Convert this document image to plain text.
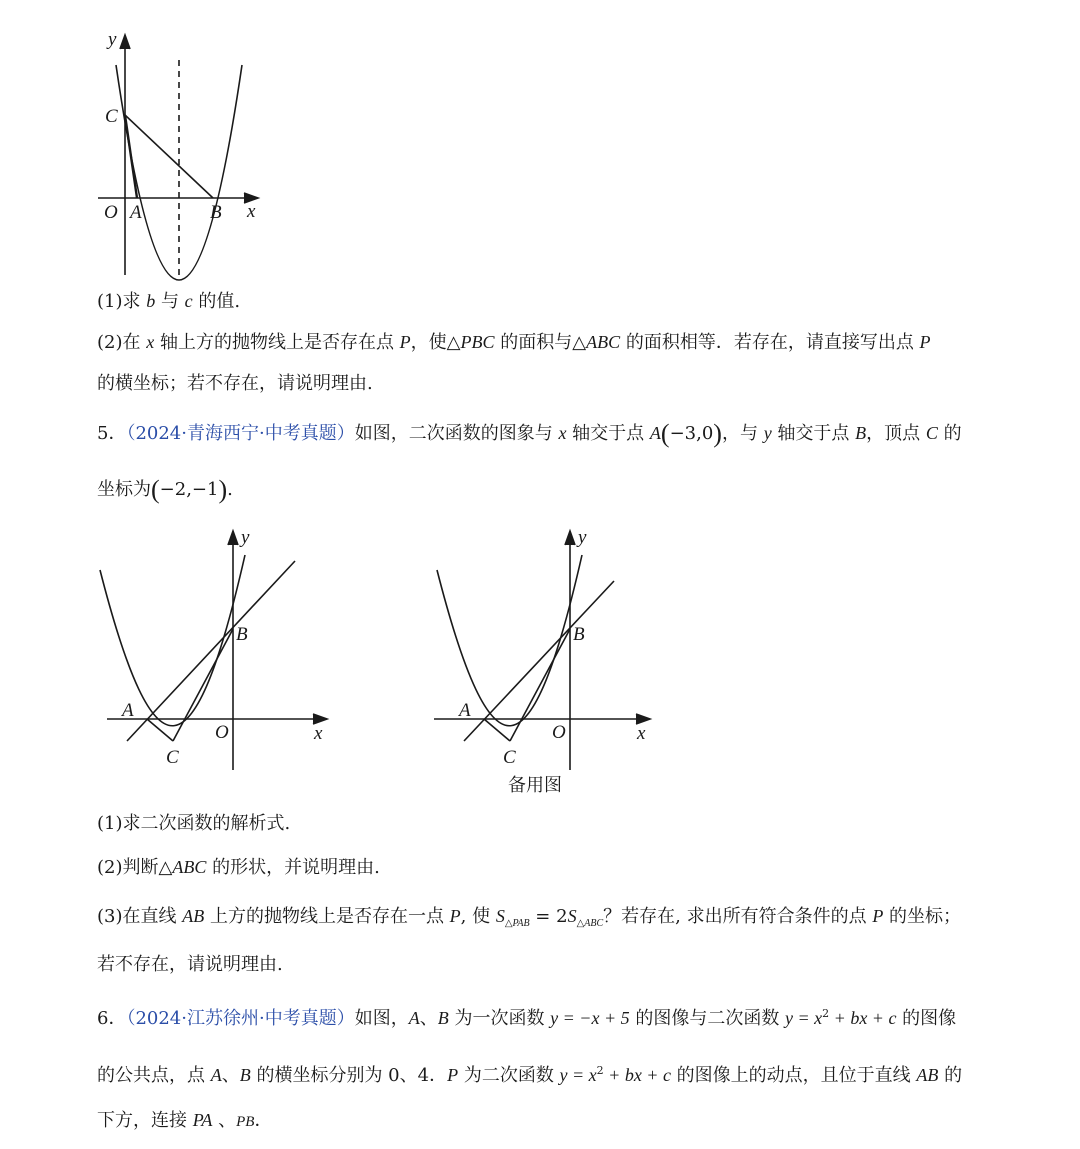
y
C
O A	B x
(1)求 b 与 c 的值.
(2)在 x 轴上方的抛物线上是否存在点 P，使△PBC 的面积与△ABC 的面积相等．若存在，请直接写出点 P
的横坐标；若不存在，请说明理由.
5．（2024·青海西宁·中考真题）如图，二次函数的图象与 x 轴交于点 A(−3,0)，与 y 轴交于点 B，顶点 C 的
坐标为(−2,−1).
y
B
A
O
C
x
y
B
A
O
C
x
备用图
(1)求二次函数的解析式.
(2)判断△ABC 的形状，并说明理由.
(3)在直线 AB 上方的抛物线上是否存在一点 P, 使 $S_{\triangle PAB} = 2S_{\triangle ABC}$？若存在, 求出所有符合条件的点 P 的坐标；
若不存在，请说明理由.
6．（2024·江苏徐州·中考真题）如图，A、B 为一次函数 y = −x + 5 的图像与二次函数 $y = x^2$ + bx + c 的图像
的公共点，点 A、B 的横坐标分别为 0、4．P 为二次函数 $y = x^2$ + bx + c 的图像上的动点，且位于直线 AB 的
下方，连接 PA 、PB．
